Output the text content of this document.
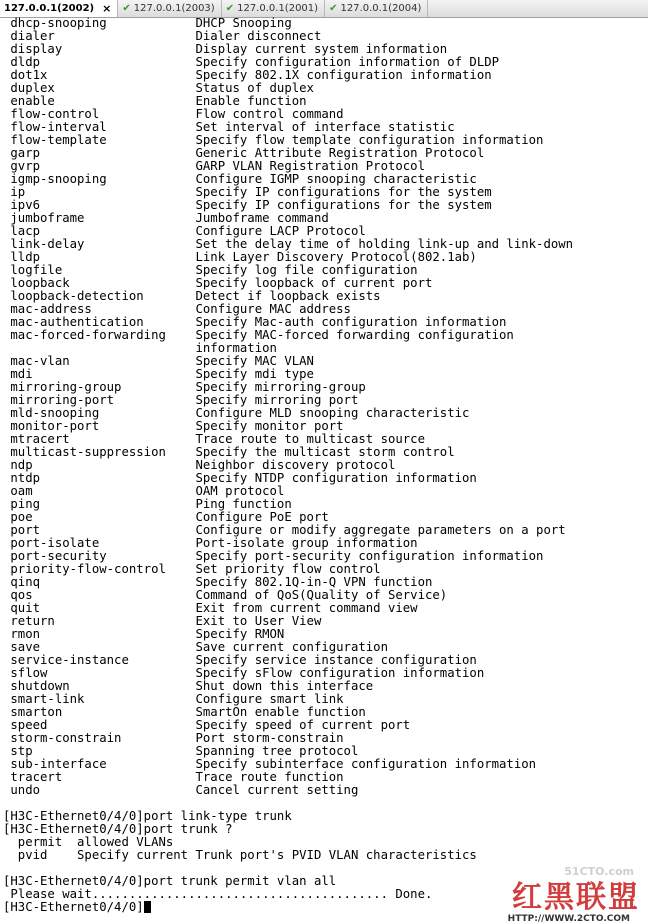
127.0.0.1(2002) × ✔ 127.0.0.1(2003) ✔ 127.0.0.1(2001) ✔ 127.0.0.1(2004)
dhcp-snooping            DHCP Snooping
dialer                   Dialer disconnect
display                  Display current system information
dldp                     Specify configuration information of DLDP
dot1x                    Specify 802.1X configuration information
duplex                   Status of duplex
enable                   Enable function
flow-control             Flow control command
flow-interval            Set interval of interface statistic
flow-template            Specify flow template configuration information
garp                     Generic Attribute Registration Protocol
gvrp                     GARP VLAN Registration Protocol
igmp-snooping            Configure IGMP snooping characteristic
ip                       Specify IP configurations for the system
ipv6                     Specify IP configurations for the system
jumboframe               Jumboframe command
lacp                     Configure LACP Protocol
link-delay               Set the delay time of holding link-up and link-down
lldp                     Link Layer Discovery Protocol(802.1ab)
logfile                  Specify log file configuration
loopback                 Specify loopback of current port
loopback-detection       Detect if loopback exists
mac-address              Configure MAC address
mac-authentication       Specify Mac-auth configuration information
mac-forced-forwarding    Specify MAC-forced forwarding configuration
information
mac-vlan                 Specify MAC VLAN
mdi                      Specify mdi type
mirroring-group          Specify mirroring-group
mirroring-port           Specify mirroring port
mld-snooping             Configure MLD snooping characteristic
monitor-port             Specify monitor port
mtracert                 Trace route to multicast source
multicast-suppression    Specify the multicast storm control
ndp                      Neighbor discovery protocol
ntdp                     Specify NTDP configuration information
oam                      OAM protocol
ping                     Ping function
poe                      Configure PoE port
port                     Configure or modify aggregate parameters on a port
port-isolate             Port-isolate group information
port-security            Specify port-security configuration information
priority-flow-control    Set priority flow control
qinq                     Specify 802.1Q-in-Q VPN function
qos                      Command of QoS(Quality of Service)
quit                     Exit from current command view
return                   Exit to User View
rmon                     Specify RMON
save                     Save current configuration
service-instance         Specify service instance configuration
sflow                    Specify sFlow configuration information
shutdown                 Shut down this interface
smart-link               Configure smart link
smarton                  SmartOn enable function
speed                    Specify speed of current port
storm-constrain          Port storm-constrain
stp                      Spanning tree protocol
sub-interface            Specify subinterface configuration information
tracert                  Trace route function
undo                     Cancel current setting
[H3C-Ethernet0/4/0]port link-type trunk
[H3C-Ethernet0/4/0]port trunk ?
permit  allowed VLANs
pvid    Specify current Trunk port's PVID VLAN characteristics
[H3C-Ethernet0/4/0]port trunk permit vlan all
Please wait........................................ Done.
[H3C-Ethernet0/4/0]
51CTO.com
红黑联盟
HTTP://WWW.2CTO.COM
